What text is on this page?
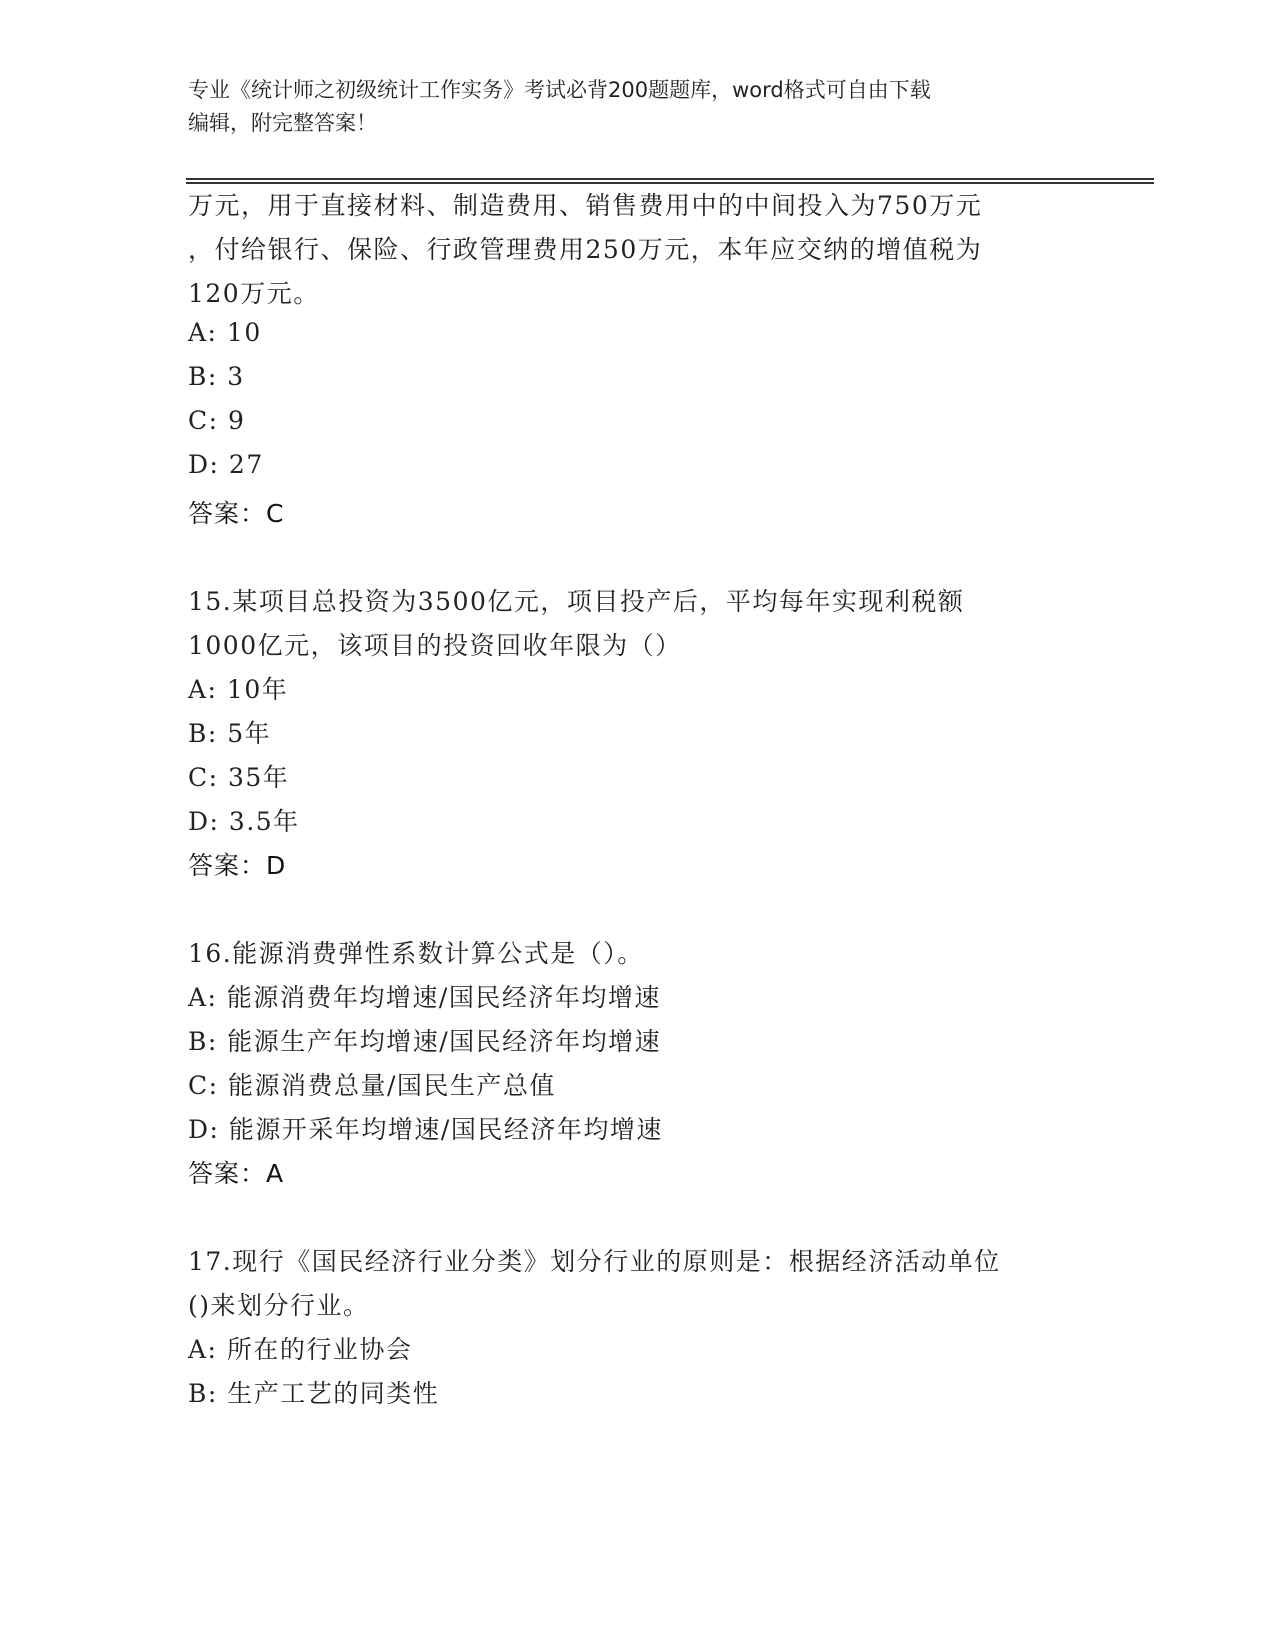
专业《统计师之初级统计工作实务》考试必背200题题库，word格式可自由下载
编辑，附完整答案！
万元，用于直接材料、制造费用、销售费用中的中间投入为750万元
，付给银行、保险、行政管理费用250万元，本年应交纳的增值税为
120万元。
A: 10
B: 3
C: 9
D: 27
答案：C
15.某项目总投资为3500亿元，项目投产后，平均每年实现利税额
1000亿元，该项目的投资回收年限为（）
A: 10年
B: 5年
C: 35年
D: 3.5年
答案：D
16.能源消费弹性系数计算公式是（）。
A: 能源消费年均增速/国民经济年均增速
B: 能源生产年均增速/国民经济年均增速
C: 能源消费总量/国民生产总值
D: 能源开采年均增速/国民经济年均增速
答案：A
17.现行《国民经济行业分类》划分行业的原则是：根据经济活动单位
()来划分行业。
A: 所在的行业协会
B: 生产工艺的同类性
